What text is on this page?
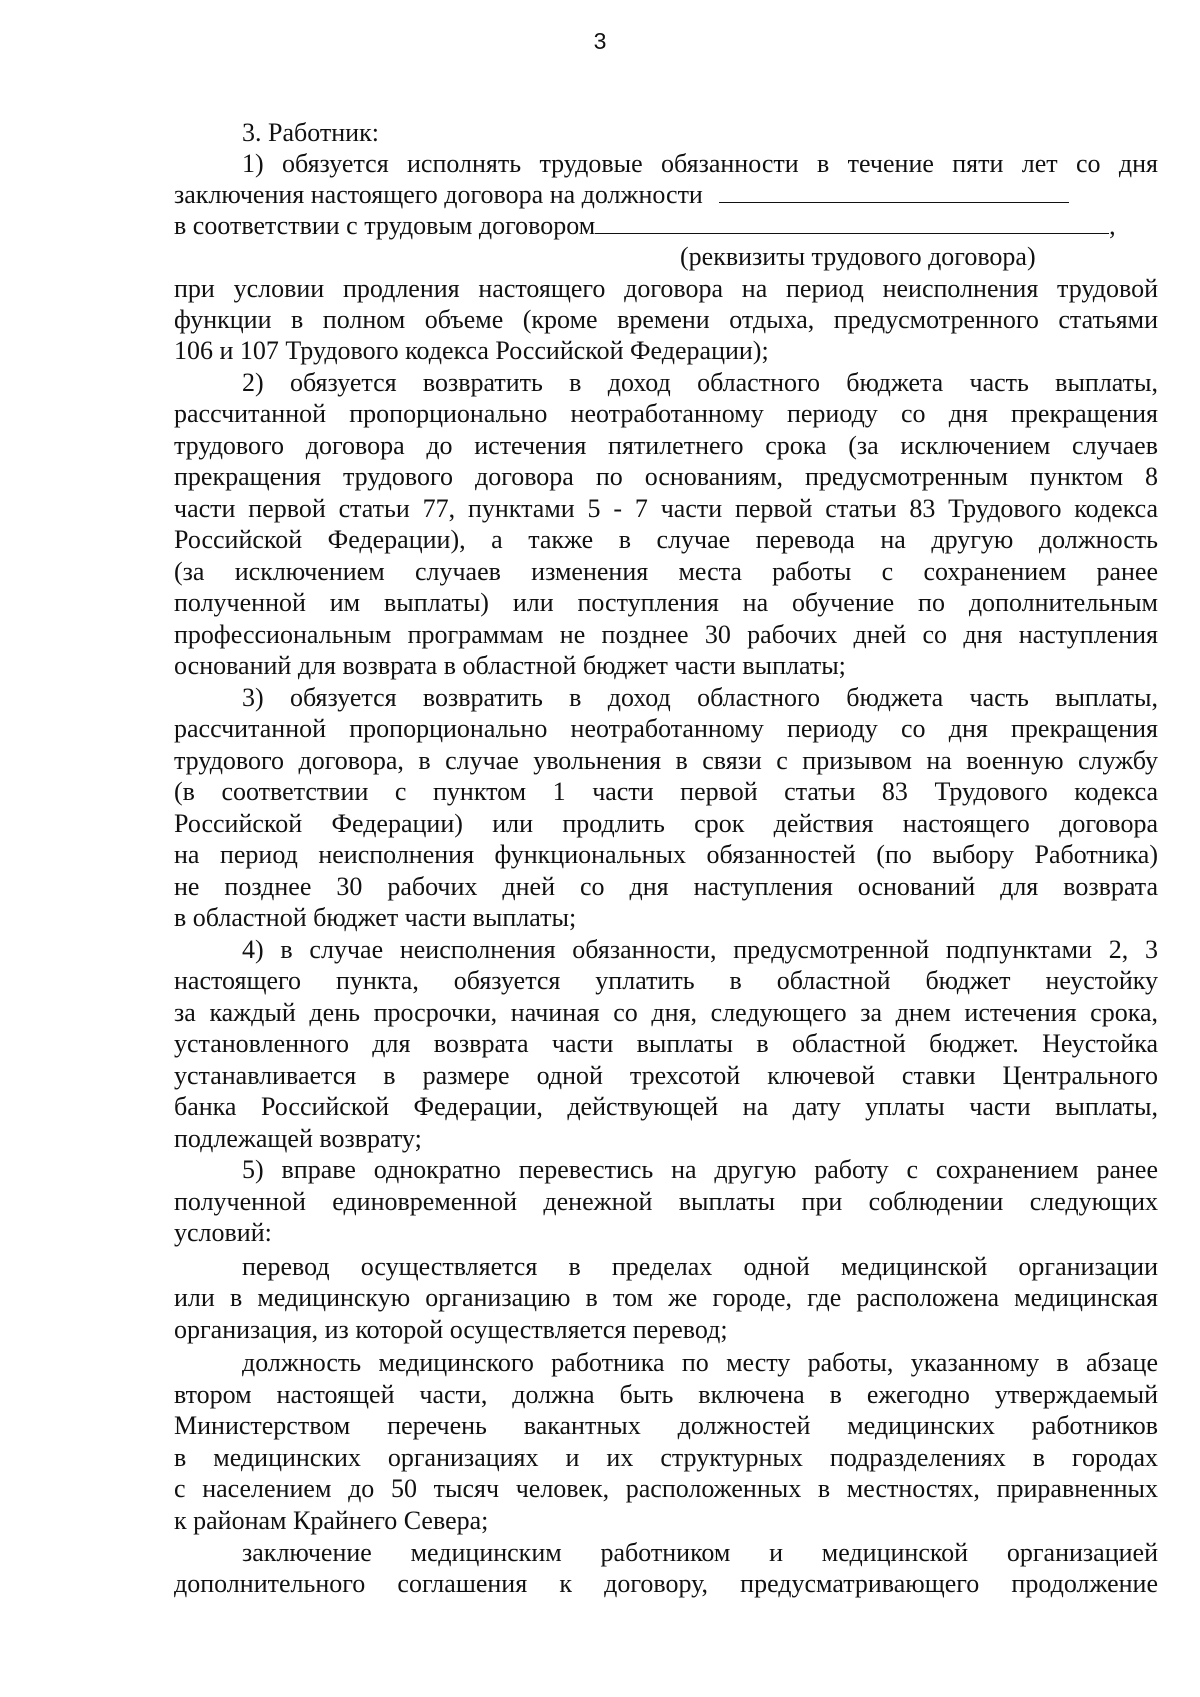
3
3. Работник:
1) обязуется исполнять трудовые обязанности в течение пяти лет со дня
заключения настоящего договора на должности
в соответствии с трудовым договором	,
(реквизиты трудового договора)
при условии продления настоящего договора на период неисполнения трудовой
функции в полном объеме (кроме времени отдыха, предусмотренного статьями
106 и 107 Трудового кодекса Российской Федерации);
2) обязуется возвратить в доход областного бюджета часть выплаты,
рассчитанной пропорционально неотработанному периоду со дня прекращения
трудового договора до истечения пятилетнего срока (за исключением случаев
прекращения трудового договора по основаниям, предусмотренным пунктом 8
части первой статьи 77, пунктами 5 - 7 части первой статьи 83 Трудового кодекса
Российской Федерации), а также в случае перевода на другую должность
(за исключением случаев изменения места работы с сохранением ранее
полученной им выплаты) или поступления на обучение по дополнительным
профессиональным программам не позднее 30 рабочих дней со дня наступления
оснований для возврата в областной бюджет части выплаты;
3) обязуется возвратить в доход областного бюджета часть выплаты,
рассчитанной пропорционально неотработанному периоду со дня прекращения
трудового договора, в случае увольнения в связи с призывом на военную службу
(в соответствии с пунктом 1 части первой статьи 83 Трудового кодекса
Российской Федерации) или продлить срок действия настоящего договора
на период неисполнения функциональных обязанностей (по выбору Работника)
не позднее 30 рабочих дней со дня наступления оснований для возврата
в областной бюджет части выплаты;
4) в случае неисполнения обязанности, предусмотренной подпунктами 2, 3
настоящего пункта, обязуется уплатить в областной бюджет неустойку
за каждый день просрочки, начиная со дня, следующего за днем истечения срока,
установленного для возврата части выплаты в областной бюджет. Неустойка
устанавливается в размере одной трехсотой ключевой ставки Центрального
банка Российской Федерации, действующей на дату уплаты части выплаты,
подлежащей возврату;
5) вправе однократно перевестись на другую работу с сохранением ранее
полученной единовременной денежной выплаты при соблюдении следующих
условий:
перевод осуществляется в пределах одной медицинской организации
или в медицинскую организацию в том же городе, где расположена медицинская
организация, из которой осуществляется перевод;
должность медицинского работника по месту работы, указанному в абзаце
втором настоящей части, должна быть включена в ежегодно утверждаемый
Министерством перечень вакантных должностей медицинских работников
в медицинских организациях и их структурных подразделениях в городах
с населением до 50 тысяч человек, расположенных в местностях, приравненных
к районам Крайнего Севера;
заключение медицинским работником и медицинской организацией
дополнительного соглашения к договору, предусматривающего продолжение
